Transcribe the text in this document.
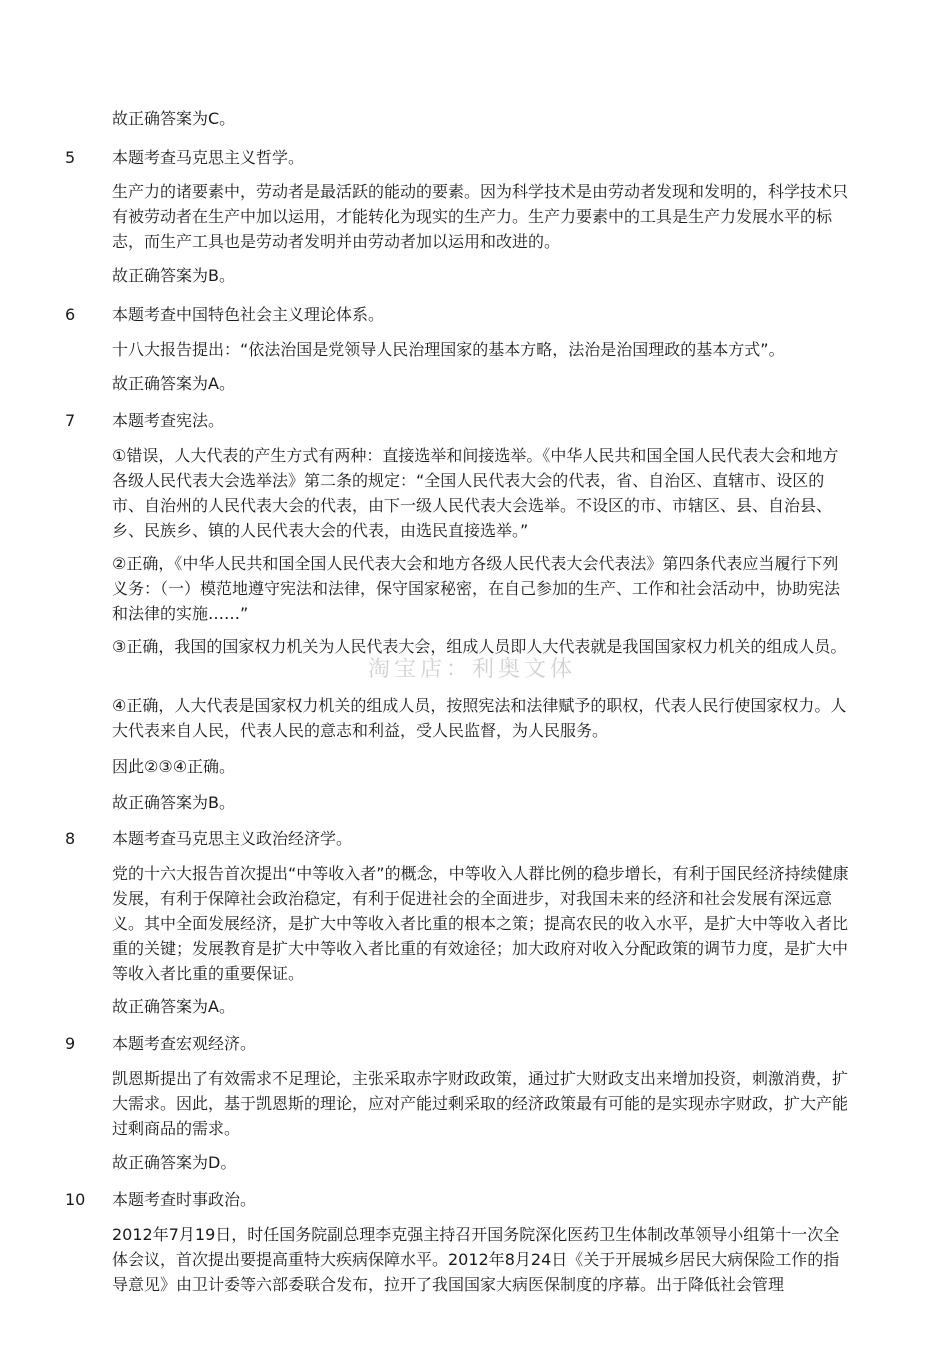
故正确答案为C。

5	本题考查马克思主义哲学。

生产力的诸要素中，劳动者是最活跃的能动的要素。因为科学技术是由劳动者发现和发明的，科学技术只有被劳动者在生产中加以运用，才能转化为现实的生产力。生产力要素中的工具是生产力发展水平的标志，而生产工具也是劳动者发明并由劳动者加以运用和改进的。

故正确答案为B。

6	本题考查中国特色社会主义理论体系。

十八大报告提出：“依法治国是党领导人民治理国家的基本方略，法治是治国理政的基本方式”。

故正确答案为A。

7	本题考查宪法。

①错误，人大代表的产生方式有两种：直接选举和间接选举。《中华人民共和国全国人民代表大会和地方各级人民代表大会选举法》第二条的规定：“全国人民代表大会的代表，省、自治区、直辖市、设区的市、自治州的人民代表大会的代表，由下一级人民代表大会选举。不设区的市、市辖区、县、自治县、乡、民族乡、镇的人民代表大会的代表，由选民直接选举。”

②正确，《中华人民共和国全国人民代表大会和地方各级人民代表大会代表法》第四条代表应当履行下列义务：（一）模范地遵守宪法和法律，保守国家秘密，在自己参加的生产、工作和社会活动中，协助宪法和法律的实施……”

③正确，我国的国家权力机关为人民代表大会，组成人员即人大代表就是我国国家权力机关的组成人员。

④正确，人大代表是国家权力机关的组成人员，按照宪法和法律赋予的职权，代表人民行使国家权力。人大代表来自人民，代表人民的意志和利益，受人民监督，为人民服务。

因此②③④正确。

故正确答案为B。

8	本题考查马克思主义政治经济学。

党的十六大报告首次提出“中等收入者”的概念，中等收入人群比例的稳步增长，有利于国民经济持续健康发展，有利于保障社会政治稳定，有利于促进社会的全面进步，对我国未来的经济和社会发展有深远意义。其中全面发展经济，是扩大中等收入者比重的根本之策；提高农民的收入水平，是扩大中等收入者比重的关键；发展教育是扩大中等收入者比重的有效途径；加大政府对收入分配政策的调节力度，是扩大中等收入者比重的重要保证。

故正确答案为A。

9	本题考查宏观经济。

凯恩斯提出了有效需求不足理论，主张采取赤字财政政策，通过扩大财政支出来增加投资，刺激消费，扩大需求。因此，基于凯恩斯的理论，应对产能过剩采取的经济政策最有可能的是实现赤字财政，扩大产能过剩商品的需求。

故正确答案为D。

10	本题考查时事政治。

2012年7月19日，时任国务院副总理李克强主持召开国务院深化医药卫生体制改革领导小组第十一次全体会议，首次提出要提高重特大疾病保障水平。2012年8月24日《关于开展城乡居民大病保险工作的指导意见》由卫计委等六部委联合发布，拉开了我国国家大病医保制度的序幕。出于降低社会管理

淘宝店：利奥文体
